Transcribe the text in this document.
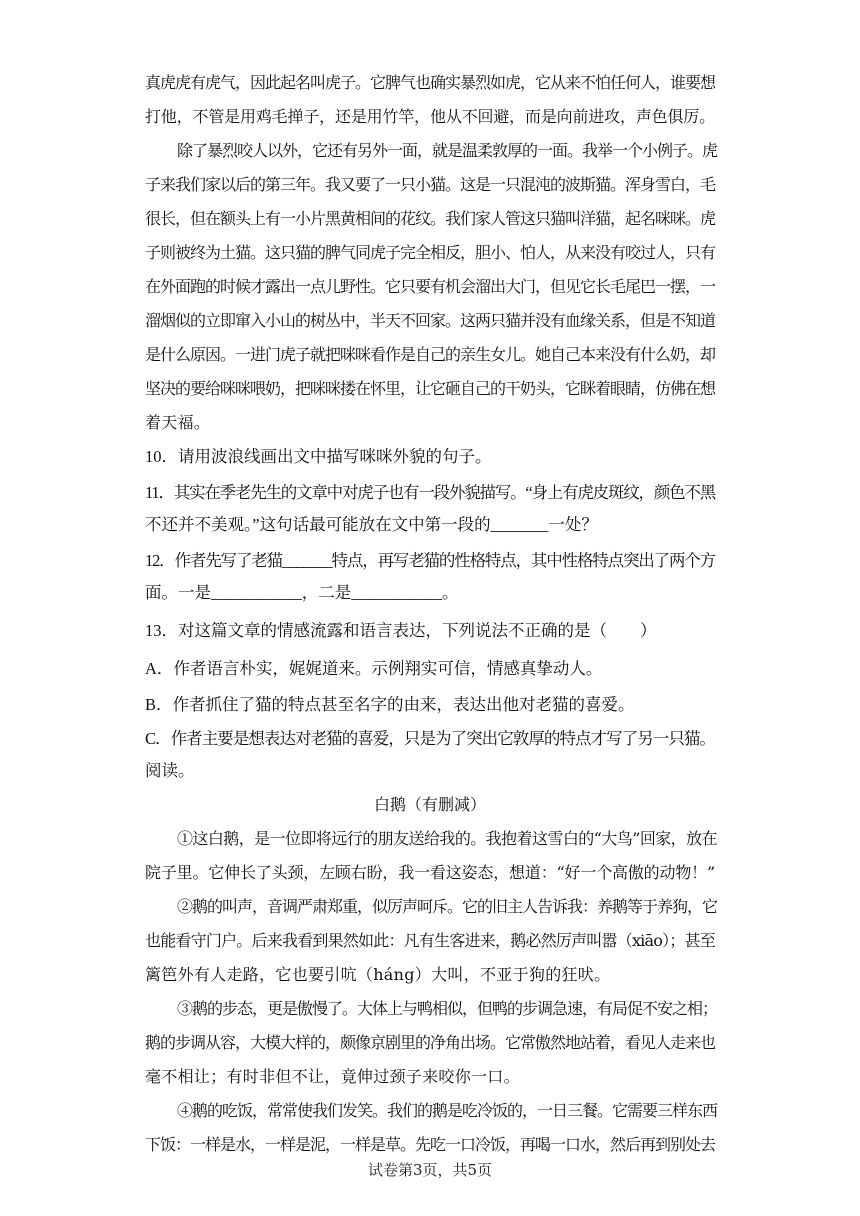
真虎虎有虎气，因此起名叫虎子。它脾气也确实暴烈如虎，它从来不怕任何人，谁要想
打他，不管是用鸡毛掸子，还是用竹竿，他从不回避，而是向前进攻，声色俱厉。
除了暴烈咬人以外，它还有另外一面，就是温柔敦厚的一面。我举一个小例子。虎
子来我们家以后的第三年。我又要了一只小猫。这是一只混沌的波斯猫。浑身雪白，毛
很长，但在额头上有一小片黑黄相间的花纹。我们家人管这只猫叫洋猫，起名咪咪。虎
子则被终为土猫。这只猫的脾气同虎子完全相反，胆小、怕人，从来没有咬过人，只有
在外面跑的时候才露出一点儿野性。它只要有机会溜出大门，但见它长毛尾巴一摆，一
溜烟似的立即窜入小山的树丛中，半天不回家。这两只猫并没有血缘关系，但是不知道
是什么原因。一进门虎子就把咪咪看作是自己的亲生女儿。她自己本来没有什么奶，却
坚决的要给咪咪喂奶，把咪咪搂在怀里，让它砸自己的干奶头，它眯着眼睛，仿佛在想
着天福。
10．请用波浪线画出文中描写咪咪外貌的句子。
11．其实在季老先生的文章中对虎子也有一段外貌描写。“身上有虎皮斑纹，颜色不黑
不还并不美观。”这句话最可能放在文中第一段的_______一处？
12．作者先写了老猫_______特点，再写老猫的性格特点，其中性格特点突出了两个方
面。一是___________，二是___________。
13．对这篇文章的情感流露和语言表达，下列说法不正确的是（　　）
A．作者语言朴实，娓娓道来。示例翔实可信，情感真挚动人。
B．作者抓住了猫的特点甚至名字的由来，表达出他对老猫的喜爱。
C．作者主要是想表达对老猫的喜爱，只是为了突出它敦厚的特点才写了另一只猫。
阅读。
白鹅（有删减）
①这白鹅，是一位即将远行的朋友送给我的。我抱着这雪白的“大鸟”回家，放在
院子里。它伸长了头颈，左顾右盼，我一看这姿态，想道：“好一个高傲的动物！”
②鹅的叫声，音调严肃郑重，似厉声呵斥。它的旧主人告诉我：养鹅等于养狗，它
也能看守门户。后来我看到果然如此：凡有生客进来，鹅必然厉声叫嚣（xiāo）；甚至
篱笆外有人走路，它也要引吭（háng）大叫，不亚于狗的狂吠。
③鹅的步态，更是傲慢了。大体上与鸭相似，但鸭的步调急速，有局促不安之相；
鹅的步调从容，大模大样的，颇像京剧里的净角出场。它常傲然地站着，看见人走来也
毫不相让；有时非但不让，竟伸过颈子来咬你一口。
④鹅的吃饭，常常使我们发笑。我们的鹅是吃冷饭的，一日三餐。它需要三样东西
下饭：一样是水，一样是泥，一样是草。先吃一口冷饭，再喝一口水，然后再到别处去
试卷第3页，共5页
